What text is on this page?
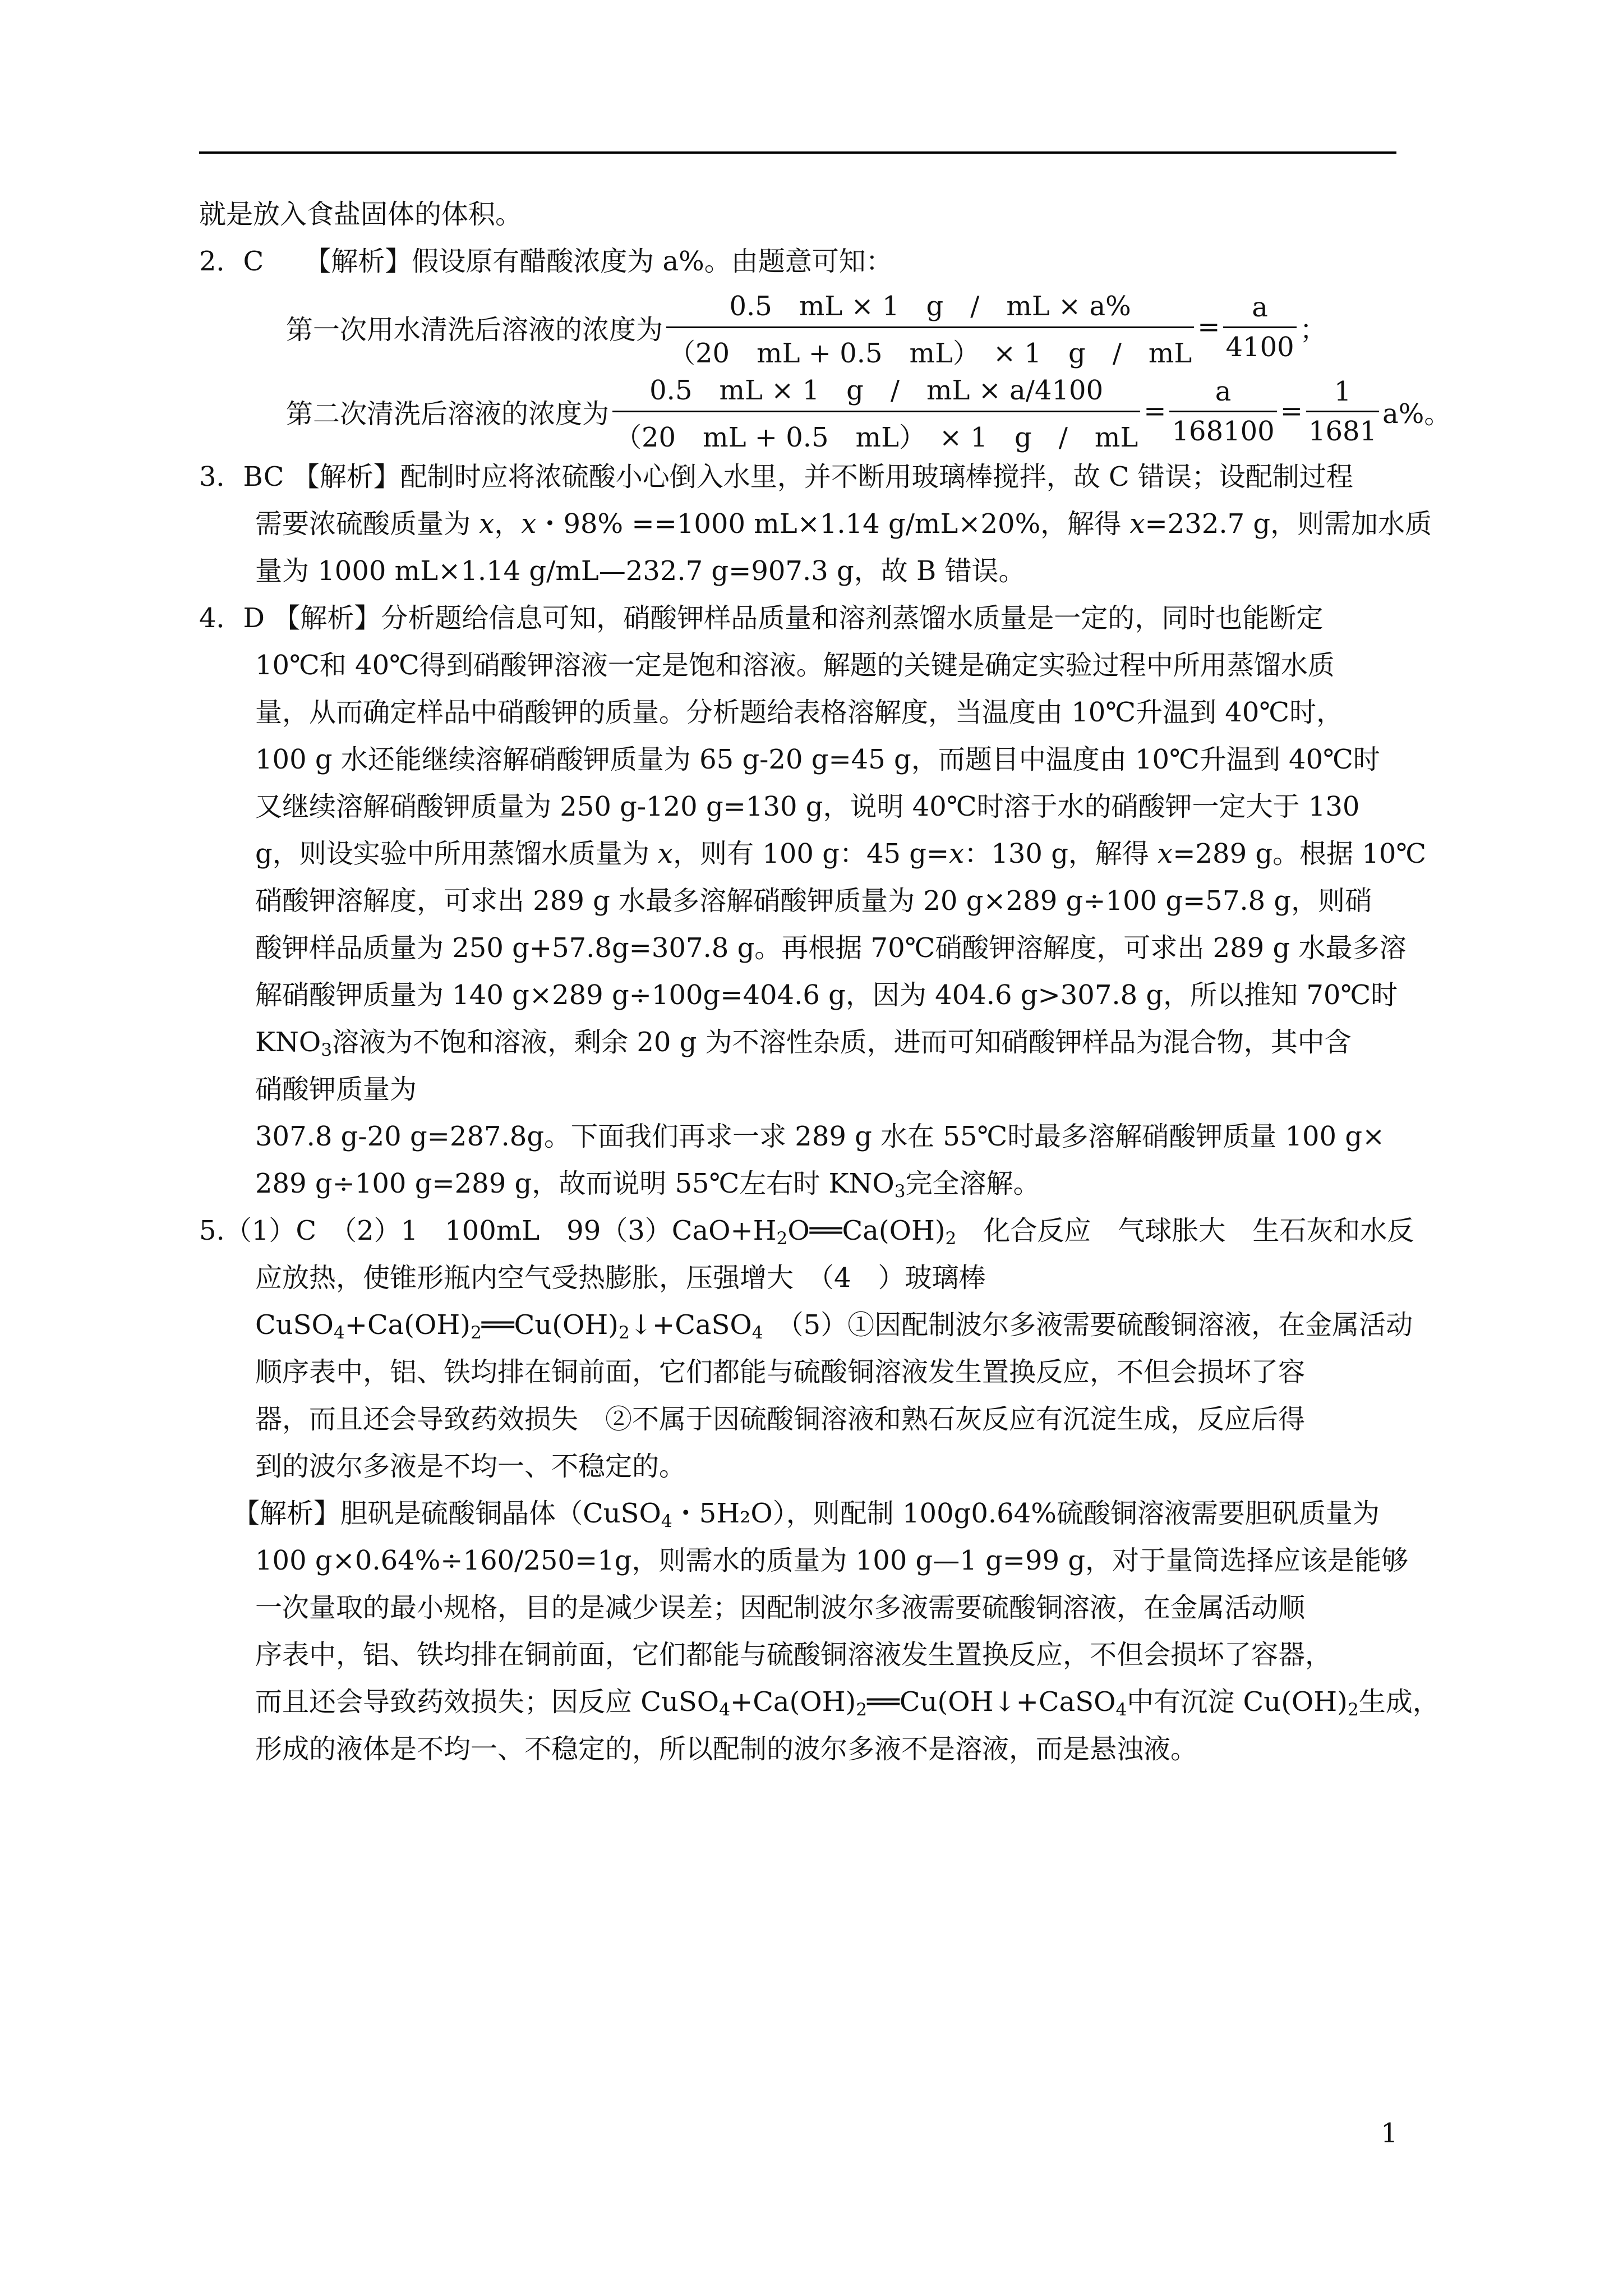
就是放入食盐固体的体积。
2．C　　【解析】假设原有醋酸浓度为 a%。由题意可知：
第一次用水清洗后溶液的浓度为 $\frac{0.5 mL \times 1 g / mL \times a\%}{(20 mL + 0.5 mL) \times 1 g / mL} = \frac{a}{4100}$ ；
第二次清洗后溶液的浓度为 $\frac{0.5 mL \times 1 g / mL \times a/4100}{(20 mL + 0.5 mL) \times 1 g / mL} = \frac{a}{168100} = \frac{1}{1681} a\%$。
3．BC 【解析】配制时应将浓硫酸小心倒入水里，并不断用玻璃棒搅拌，故 C 错误；设配制过程
需要浓硫酸质量为 x，x・98% ==1000 mL×1.14 g/mL×20%，解得 x=232.7 g，则需加水质
量为 1000 mL×1.14 g/mL—232.7 g=907.3 g，故 B 错误。
4．D 【解析】分析题给信息可知，硝酸钾样品质量和溶剂蒸馏水质量是一定的，同时也能断定
10℃和 40℃得到硝酸钾溶液一定是饱和溶液。解题的关键是确定实验过程中所用蒸馏水质
量，从而确定样品中硝酸钾的质量。分析题给表格溶解度，当温度由 10℃升温到 40℃时，
100 g 水还能继续溶解硝酸钾质量为 65 g-20 g=45 g，而题目中温度由 10℃升温到 40℃时
又继续溶解硝酸钾质量为 250 g-120 g=130 g，说明 40℃时溶于水的硝酸钾一定大于 130
g，则设实验中所用蒸馏水质量为 x，则有 100 g：45 g=x：130 g，解得 x=289 g。根据 10℃
硝酸钾溶解度，可求出 289 g 水最多溶解硝酸钾质量为 20 g×289 g÷100 g=57.8 g，则硝
酸钾样品质量为 250 g+57.8g=307.8 g。再根据 70℃硝酸钾溶解度，可求出 289 g 水最多溶
解硝酸钾质量为 140 g×289 g÷100g=404.6 g，因为 404.6 g>307.8 g，所以推知 70℃时
$KNO_3$溶液为不饱和溶液，剩余 20 g 为不溶性杂质，进而可知硝酸钾样品为混合物，其中含
硝酸钾质量为
307.8 g-20 g=287.8g。下面我们再求一求 289 g 水在 55℃时最多溶解硝酸钾质量 100 g×
289 g÷100 g=289 g，故而说明 55℃左右时 $KNO_3$完全溶解。
5.（1）C　（2）1　100mL　$99(3)CaO+H_2O══Ca(OH)_2$　化合反应　气球胀大　生石灰和水反
应放热，使锥形瓶内空气受热膨胀，压强增大　（4　）玻璃棒
$CuSO_4+Ca(OH)_2══Cu(OH)_2↓+CaSO_4$　（5）①因配制波尔多液需要硫酸铜溶液，在金属活动
顺序表中，铝、铁均排在铜前面，它们都能与硫酸铜溶液发生置换反应，不但会损坏了容
器，而且还会导致药效损失　②不属于因硫酸铜溶液和熟石灰反应有沉淀生成，反应后得
到的波尔多液是不均一、不稳定的。
【解析】胆矾是硫酸铜晶体（CuSO$_4$・5H₂O），则配制 100g0.64%硫酸铜溶液需要胆矾质量为
100 g×0.64%÷160/250=1g，则需水的质量为 100 g—1 g=99 g，对于量筒选择应该是能够
一次量取的最小规格，目的是减少误差；因配制波尔多液需要硫酸铜溶液，在金属活动顺
序表中，铝、铁均排在铜前面，它们都能与硫酸铜溶液发生置换反应，不但会损坏了容器，
而且还会导致药效损失；因反应 $CuSO_4+Ca(OH)_2══Cu(OH↓+CaSO_4$中有沉淀 $Cu(OH)_2$生成，
形成的液体是不均一、不稳定的，所以配制的波尔多液不是溶液，而是悬浊液。
1
